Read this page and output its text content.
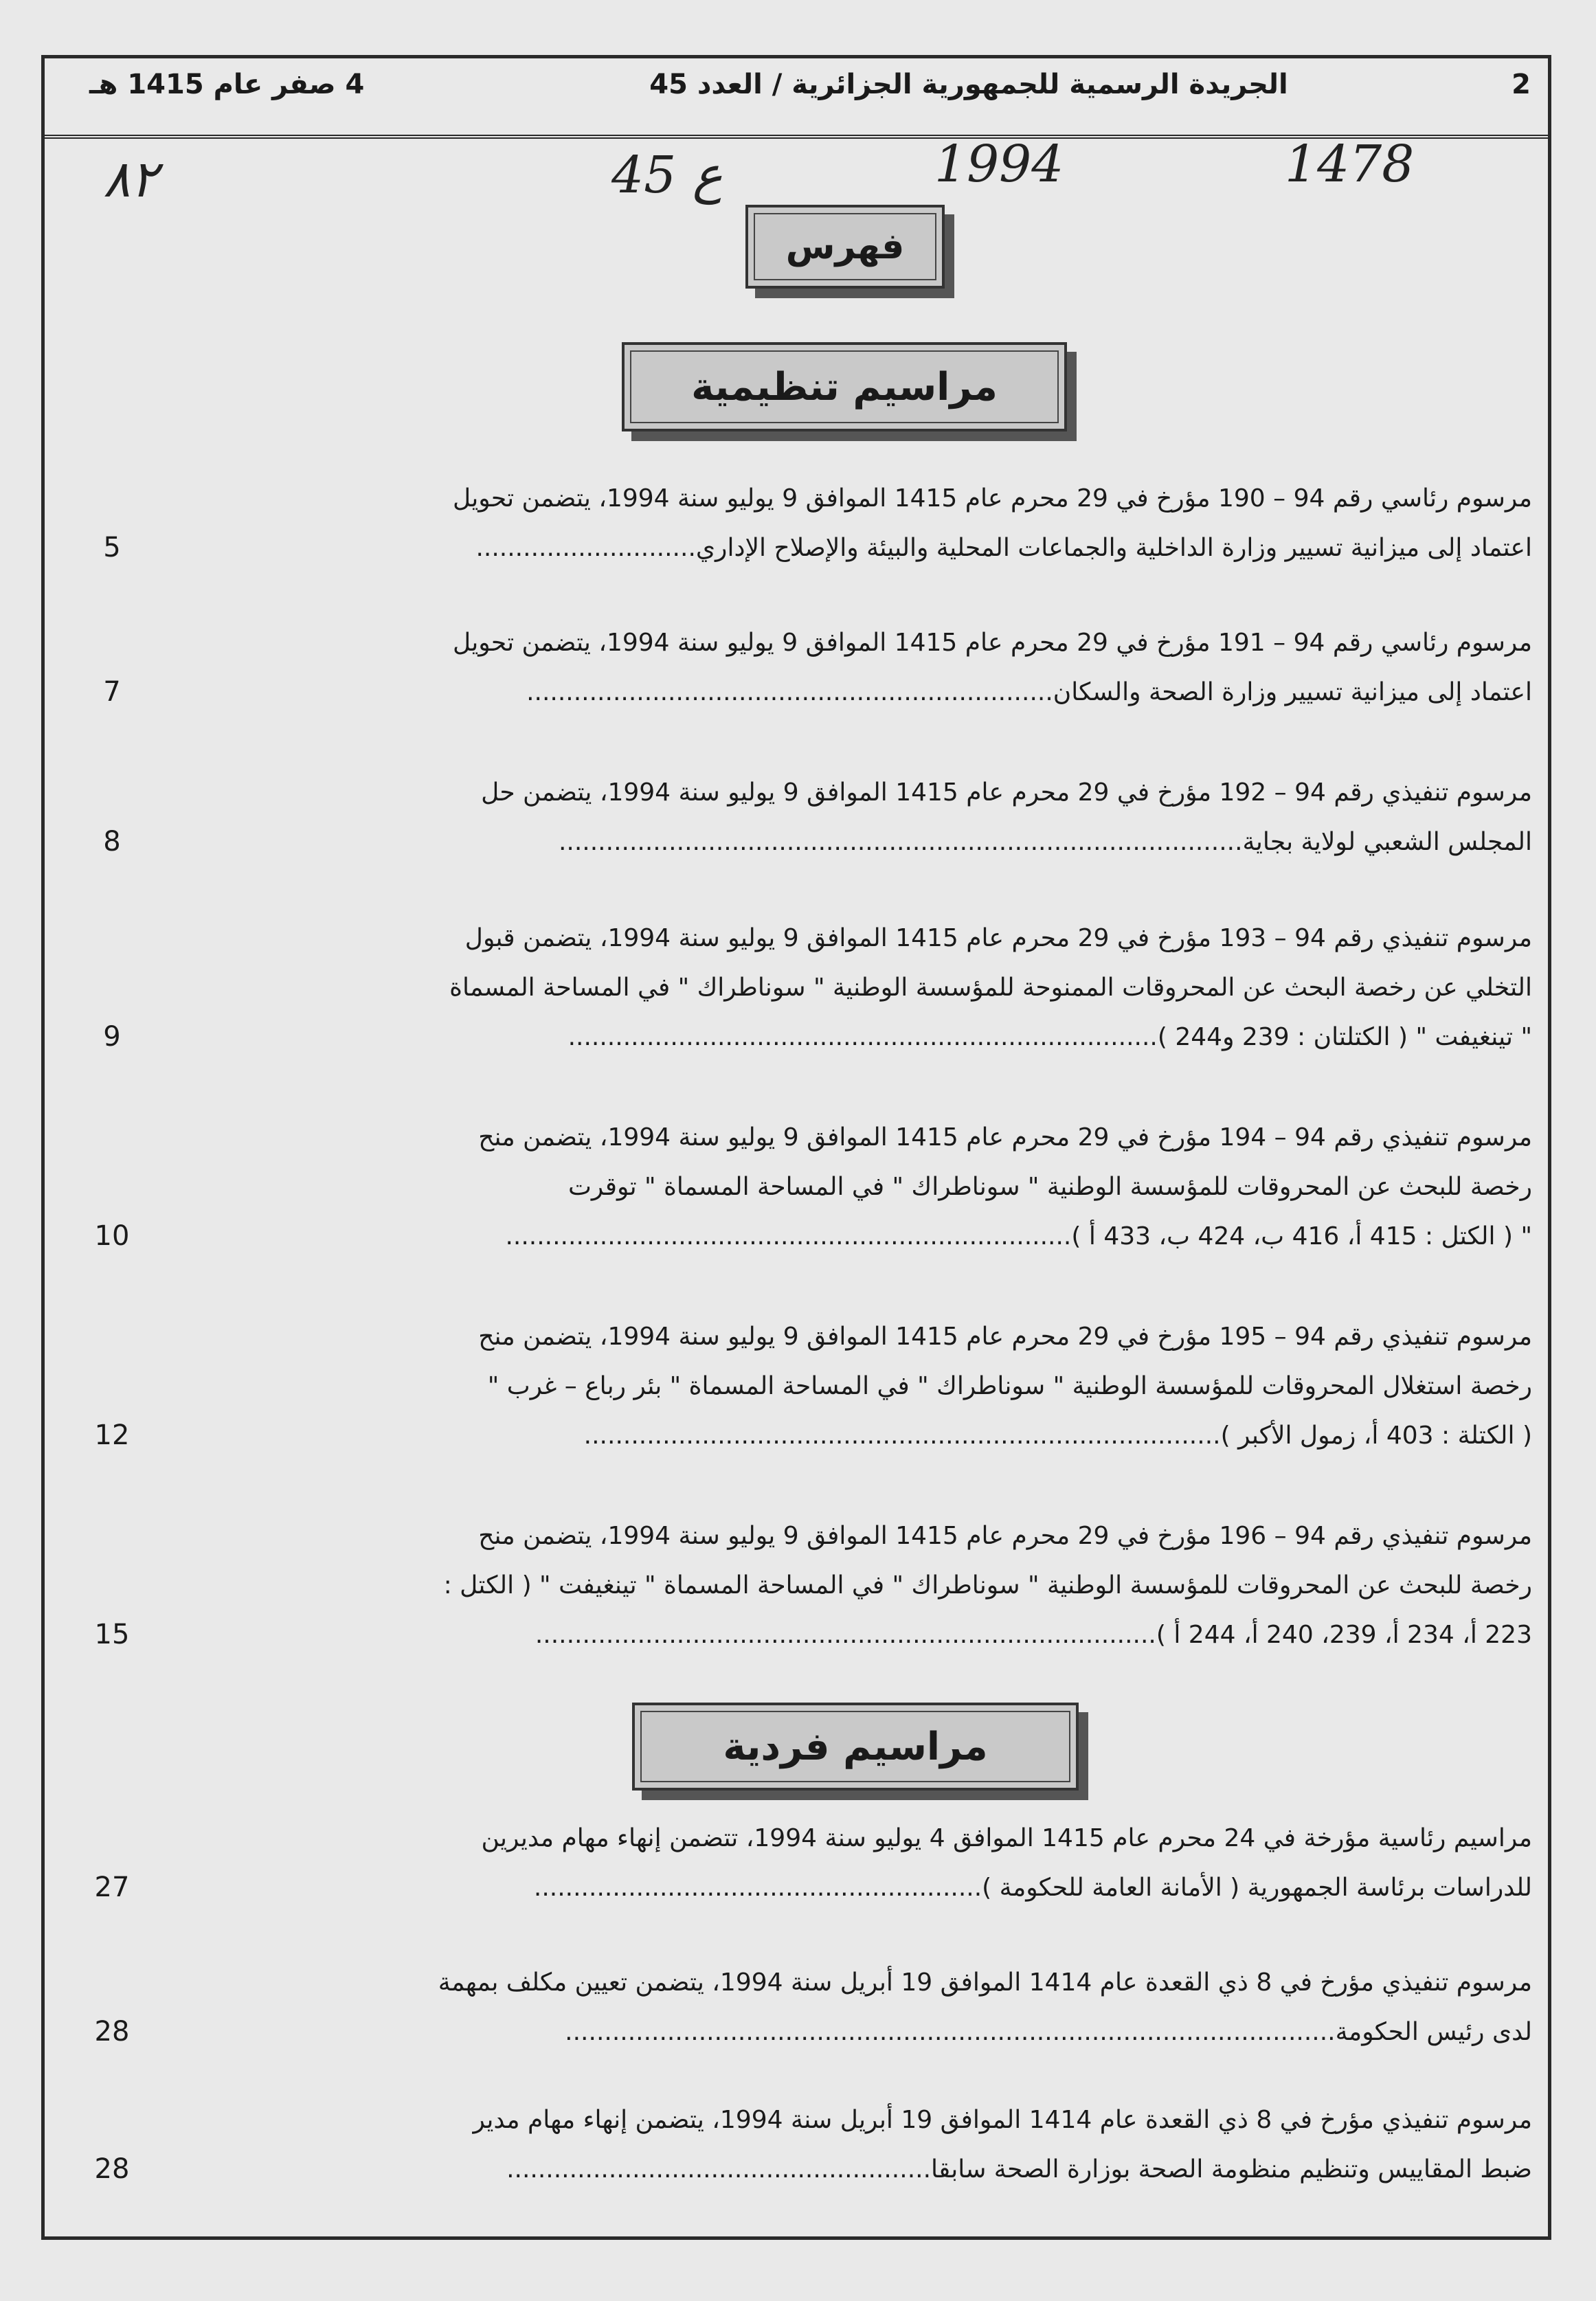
4 صفر عام 1415 هـ	الجريدة الرسمية للجمهورية الجزائرية / العدد 45	2
٨٢	ع 45	1994	1478
فهرس
مراسيم تنظيمية
مراسيم فردية
مرسوم رئاسي رقم 94 – 190 مؤرخ في 29 محرم عام 1415 الموافق 9 يوليو سنة 1994، يتضمن تحويل
اعتماد إلى ميزانية تسيير وزارة الداخلية والجماعات المحلية والبيئة والإصلاح الإداري............................
5
مرسوم رئاسي رقم 94 – 191 مؤرخ في 29 محرم عام 1415 الموافق 9 يوليو سنة 1994، يتضمن تحويل
اعتماد إلى ميزانية تسيير وزارة الصحة والسكان...................................................................
7
مرسوم تنفيذي رقم 94 – 192 مؤرخ في 29 محرم عام 1415 الموافق 9 يوليو سنة 1994، يتضمن حل
المجلس الشعبي لولاية بجاية.......................................................................................
8
مرسوم تنفيذي رقم 94 – 193 مؤرخ في 29 محرم عام 1415 الموافق 9 يوليو سنة 1994، يتضمن قبول
التخلي عن رخصة البحث عن المحروقات الممنوحة للمؤسسة الوطنية " سوناطراك " في المساحة المسماة
" تينغيفت " ( الكتلتان : 239 و244 )...........................................................................
9
مرسوم تنفيذي رقم 94 – 194 مؤرخ في 29 محرم عام 1415 الموافق 9 يوليو سنة 1994، يتضمن منح
رخصة للبحث عن المحروقات للمؤسسة الوطنية " سوناطراك " في المساحة المسماة " توقرت
" ( الكتل : 415 أ، 416 ب، 424 ب، 433 أ )........................................................................
10
مرسوم تنفيذي رقم 94 – 195 مؤرخ في 29 محرم عام 1415 الموافق 9 يوليو سنة 1994، يتضمن منح
رخصة استغلال المحروقات للمؤسسة الوطنية " سوناطراك " في المساحة المسماة " بئر رباع – غرب "
( الكتلة : 403 أ، زمول الأكبر ).................................................................................
12
مرسوم تنفيذي رقم 94 – 196 مؤرخ في 29 محرم عام 1415 الموافق 9 يوليو سنة 1994، يتضمن منح
رخصة للبحث عن المحروقات للمؤسسة الوطنية " سوناطراك " في المساحة المسماة " تينغيفت " ( الكتل :
223 أ، 234 أ، 239، 240 أ، 244 أ )...............................................................................
15
مراسيم رئاسية مؤرخة في 24 محرم عام 1415 الموافق 4 يوليو سنة 1994، تتضمن إنهاء مهام مديرين
للدراسات برئاسة الجمهورية ( الأمانة العامة للحكومة ).........................................................
27
مرسوم تنفيذي مؤرخ في 8 ذي القعدة عام 1414 الموافق 19 أبريل سنة 1994، يتضمن تعيين مكلف بمهمة
لدى رئيس الحكومة..................................................................................................
28
مرسوم تنفيذي مؤرخ في 8 ذي القعدة عام 1414 الموافق 19 أبريل سنة 1994، يتضمن إنهاء مهام مدير
ضبط المقاييس وتنظيم منظومة الصحة بوزارة الصحة سابقا......................................................
28
